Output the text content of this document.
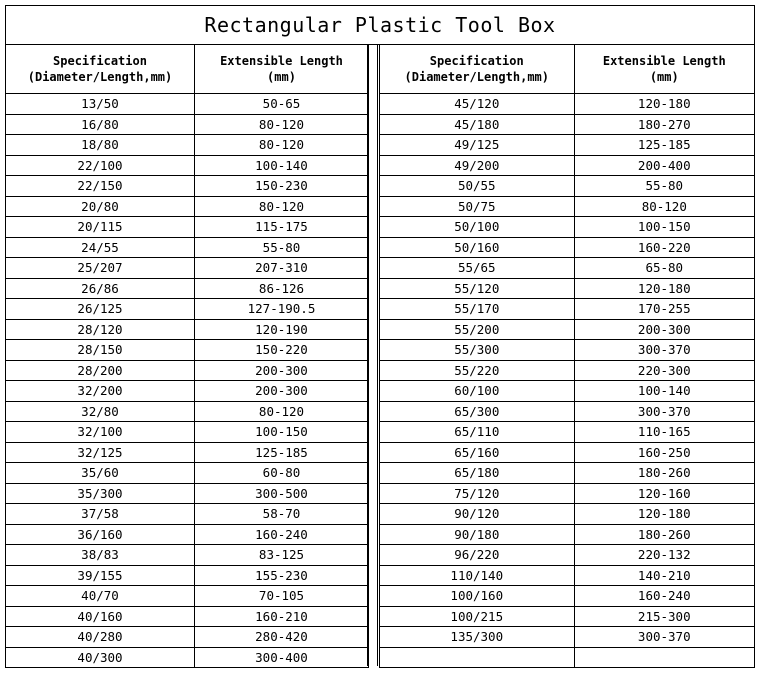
Rectangular Plastic Tool Box
Specification
(Diameter/Length,mm)	Extensible Length
(mm)
13/50	50-65
16/80	80-120
18/80	80-120
22/100	100-140
22/150	150-230
20/80	80-120
20/115	115-175
24/55	55-80
25/207	207-310
26/86	86-126
26/125	127-190.5
28/120	120-190
28/150	150-220
28/200	200-300
32/200	200-300
32/80	80-120
32/100	100-150
32/125	125-185
35/60	60-80
35/300	300-500
37/58	58-70
36/160	160-240
38/83	83-125
39/155	155-230
40/70	70-105
40/160	160-210
40/280	280-420
40/300	300-400
Specification
(Diameter/Length,mm)	Extensible Length
(mm)
45/120	120-180
45/180	180-270
49/125	125-185
49/200	200-400
50/55	55-80
50/75	80-120
50/100	100-150
50/160	160-220
55/65	65-80
55/120	120-180
55/170	170-255
55/200	200-300
55/300	300-370
55/220	220-300
60/100	100-140
65/300	300-370
65/110	110-165
65/160	160-250
65/180	180-260
75/120	120-160
90/120	120-180
90/180	180-260
96/220	220-132
110/140	140-210
100/160	160-240
100/215	215-300
135/300	300-370
